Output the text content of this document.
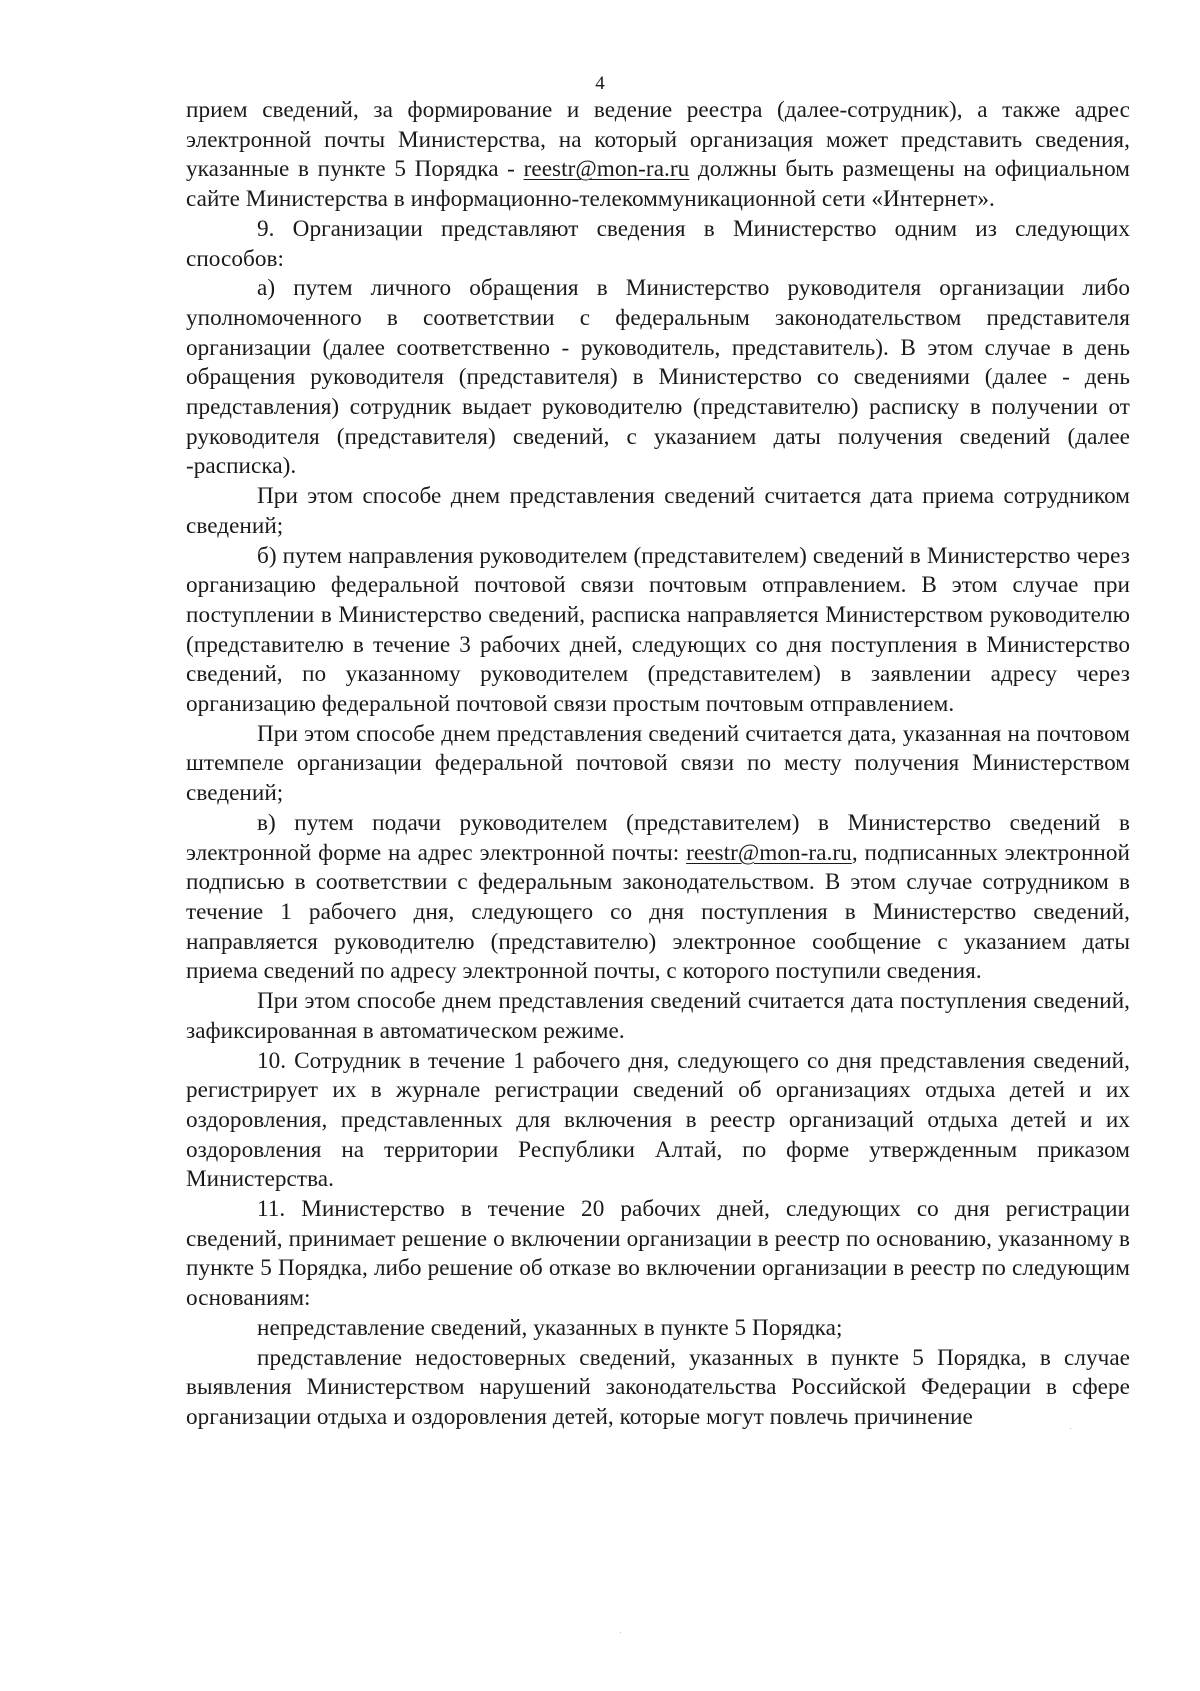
4

прием сведений, за формирование и ведение реестра (далее-сотрудник), а также адрес электронной почты Министерства, на который организация может представить сведения, указанные в пункте 5 Порядка - reestr@mon-ra.ru должны быть размещены на официальном сайте Министерства в информационно-телекоммуникационной сети «Интернет».

9. Организации представляют сведения в Министерство одним из следующих способов:

а) путем личного обращения в Министерство руководителя организации либо уполномоченного в соответствии с федеральным законодательством представителя организации (далее соответственно - руководитель, представитель). В этом случае в день обращения руководителя (представителя) в Министерство со сведениями (далее - день представления) сотрудник выдает руководителю (представителю) расписку в получении от руководителя (представителя) сведений, с указанием даты получения сведений (далее -расписка).

При этом способе днем представления сведений считается дата приема сотрудником сведений;

б) путем направления руководителем (представителем) сведений в Министерство через организацию федеральной почтовой связи почтовым отправлением. В этом случае при поступлении в Министерство сведений, расписка направляется Министерством руководителю (представителю в течение 3 рабочих дней, следующих со дня поступления в Министерство сведений, по указанному руководителем (представителем) в заявлении адресу через организацию федеральной почтовой связи простым почтовым отправлением.

При этом способе днем представления сведений считается дата, указанная на почтовом штемпеле организации федеральной почтовой связи по месту получения Министерством сведений;

в) путем подачи руководителем (представителем) в Министерство сведений в электронной форме на адрес электронной почты: reestr@mon-ra.ru, подписанных электронной подписью в соответствии с федеральным законодательством. В этом случае сотрудником в течение 1 рабочего дня, следующего со дня поступления в Министерство сведений, направляется руководителю (представителю) электронное сообщение с указанием даты приема сведений по адресу электронной почты, с которого поступили сведения.

При этом способе днем представления сведений считается дата поступления сведений, зафиксированная в автоматическом режиме.

10. Сотрудник в течение 1 рабочего дня, следующего со дня представления сведений, регистрирует их в журнале регистрации сведений об организациях отдыха детей и их оздоровления, представленных для включения в реестр организаций отдыха детей и их оздоровления на территории Республики Алтай, по форме утвержденным приказом Министерства.

11. Министерство в течение 20 рабочих дней, следующих со дня регистрации сведений, принимает решение о включении организации в реестр по основанию, указанному в пункте 5 Порядка, либо решение об отказе во включении организации в реестр по следующим основаниям:

непредставление сведений, указанных в пункте 5 Порядка;

представление недостоверных сведений, указанных в пункте 5 Порядка, в случае выявления Министерством нарушений законодательства Российской Федерации в сфере организации отдыха и оздоровления детей, которые могут повлечь причинение
